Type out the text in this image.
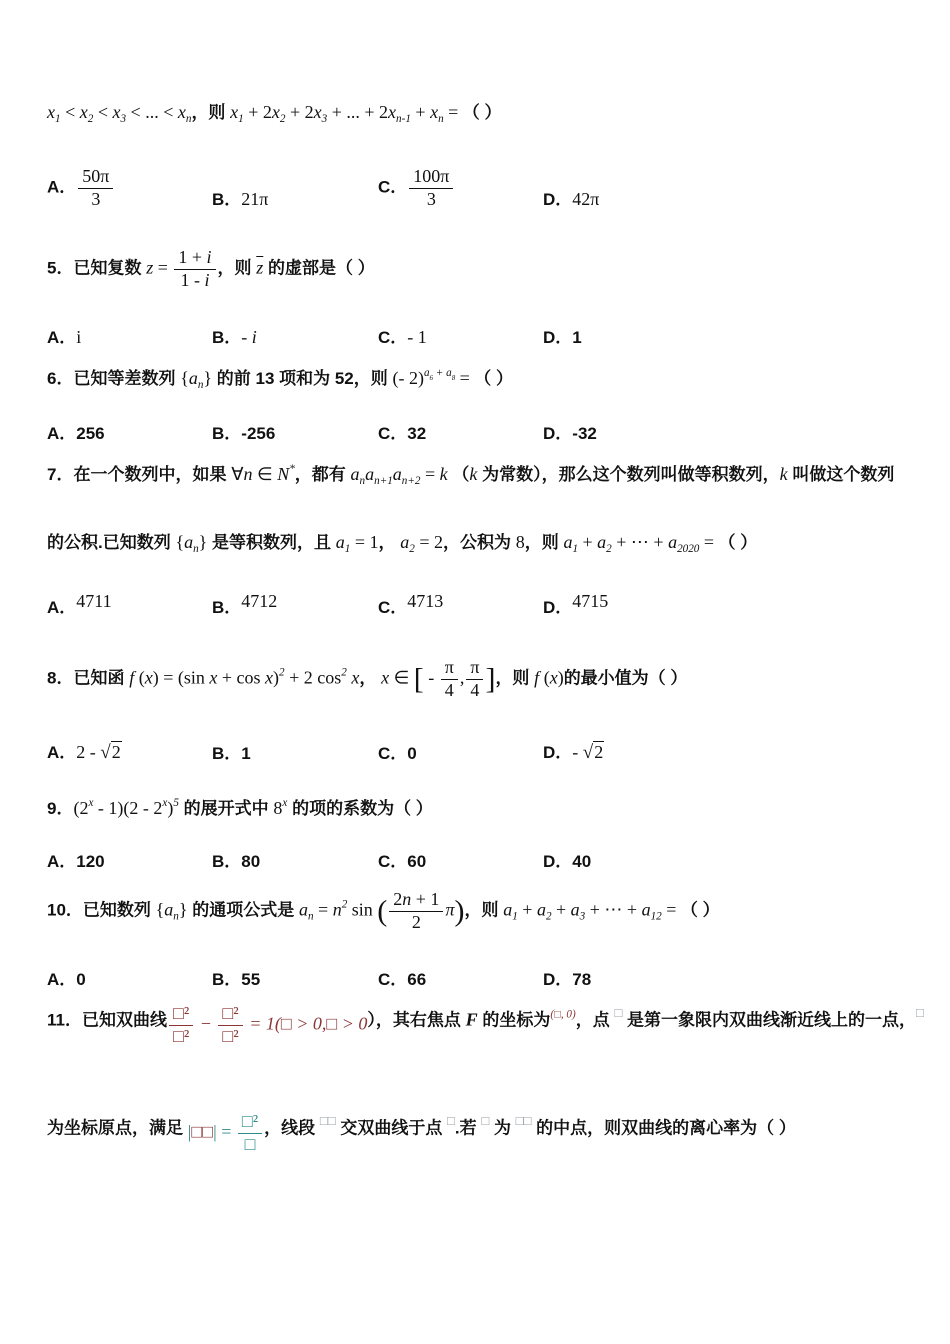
$x_1 < x_2 < x_3$ < ... < $x_n$，则 $x_1 + 2x_2 + 2x_3$ + ... + $2x_{n-1} + x_n$ = （ ）
A． $\frac{50\pi}{3}$	B．21π
C． $\frac{100\pi}{3}$	D．42π
5．已知复数 $z = \frac{1 + i}{1 - i}$ ，则 $\overline{z}$ 的虚部是（ ）
A．i	B．- i	C．- 1	D．1
6．已知等差数列 $\{a_n\}$ 的前 13 项和为 52，则 (- 2)$^{a_6 + a_8}$ = （ ）
A．256	B．-256	C．32	D．-32
7．在一个数列中，如果 ∀n ∈ N*，都有 $a_na_{n+1}a_{n+2} = k$ （k 为常数），那么这个数列叫做等积数列，k 叫做这个数列
的公积.已知数列 $\{a_n\}$ 是等积数列，且 $a_1 = 1$， $a_2 = 2$，公积为 8，则 $a_1 + a_2$ + ⋯ + $a_{2020}$ = （ ）
A．4711	B．4712	C．4713	D．4715
8．已知函 f (x) = (sin x + cos x)$^2$ + 2 $\cos^2 x$， x ∈ [ - $\frac{\pi}{4}$ , $\frac{\pi}{4}$ ]，则 f (x)的最小值为（ ）
A．2 - √2	B．1	C．0	D．- √2
9．(2$^x$ - 1)(2 - 2$^x$)$^5$ 的展开式中 8$^x$ 的项的系数为（ ）
A．120	B．80	C．60	D．40
10．已知数列 $\{a_n\}$ 的通项公式是 $a_n = n^2$ sin ( $\frac{2n + 1}{2} \pi$)，则 $a_1 + a_2 + a_3$ + ⋯ + $a_{12}$ = （ ）
A．0	B．55	C．66	D．78
11．已知双曲线 $\frac{\text{□²}}{\text{□²}} - \frac{\text{□²}}{\text{□²}}$ = 1(□ > 0,□ > 0），其右焦点 F 的坐标为$^{(□, 0)}$，点 □ 是第一象限内双曲线渐近线上的一点，□
为坐标原点，满足 |□□| = $\frac{\text{□²}}{□}$ ，线段 □□ 交双曲线于点 □.若 □ 为 □□ 的中点，则双曲线的离心率为（ ）
